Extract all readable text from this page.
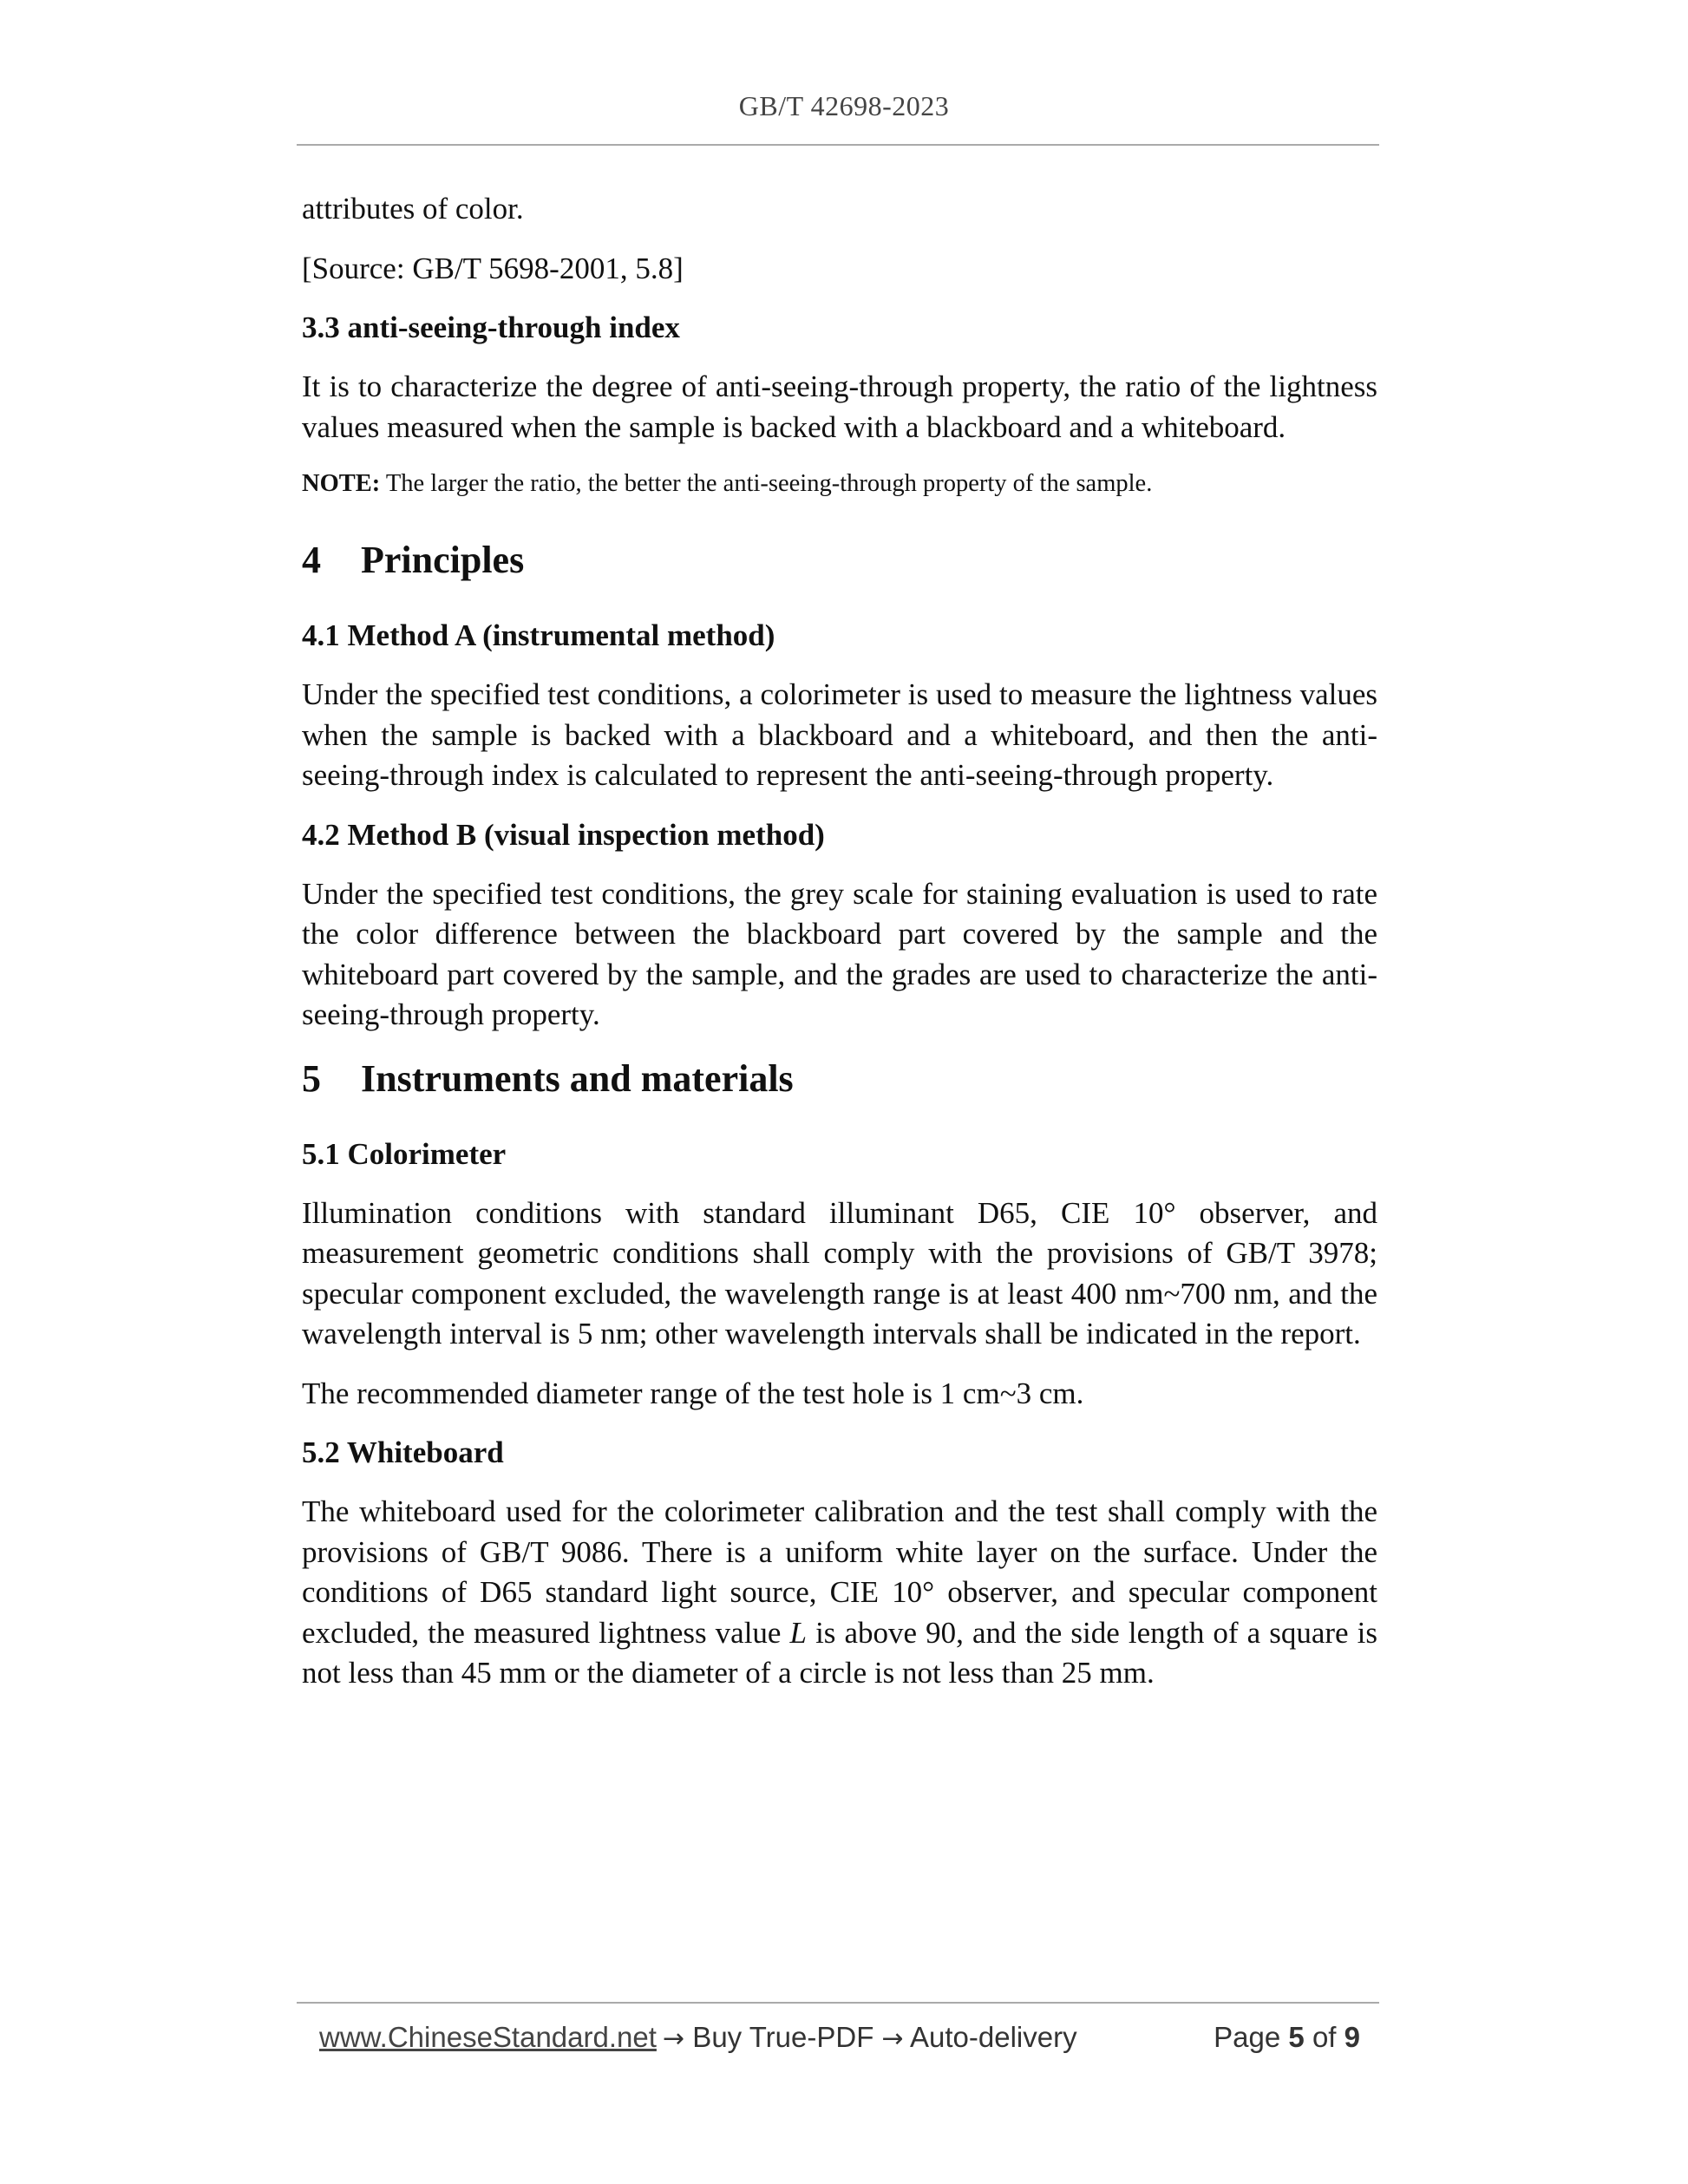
GB/T 42698-2023

attributes of color.

[Source: GB/T 5698-2001, 5.8]

3.3 anti-seeing-through index

It is to characterize the degree of anti-seeing-through property, the ratio of the lightness values measured when the sample is backed with a blackboard and a whiteboard.

NOTE: The larger the ratio, the better the anti-seeing-through property of the sample.
4 Principles
4.1 Method A (instrumental method)

Under the specified test conditions, a colorimeter is used to measure the lightness values when the sample is backed with a blackboard and a whiteboard, and then the anti-seeing-through index is calculated to represent the anti-seeing-through property.

4.2 Method B (visual inspection method)

Under the specified test conditions, the grey scale for staining evaluation is used to rate the color difference between the blackboard part covered by the sample and the whiteboard part covered by the sample, and the grades are used to characterize the anti-seeing-through property.

5 Instruments and materials
5.1 Colorimeter

Illumination conditions with standard illuminant D65, CIE 10° observer, and measurement geometric conditions shall comply with the provisions of GB/T 3978; specular component excluded, the wavelength range is at least 400 nm~700 nm, and the wavelength interval is 5 nm; other wavelength intervals shall be indicated in the report.

The recommended diameter range of the test hole is 1 cm~3 cm.

5.2 Whiteboard

The whiteboard used for the colorimeter calibration and the test shall comply with the provisions of GB/T 9086. There is a uniform white layer on the surface. Under the conditions of D65 standard light source, CIE 10° observer, and specular component excluded, the measured lightness value L is above 90, and the side length of a square is not less than 45 mm or the diameter of a circle is not less than 25 mm.

www.ChineseStandard.net → Buy True-PDF → Auto-delivery	Page 5 of 9
